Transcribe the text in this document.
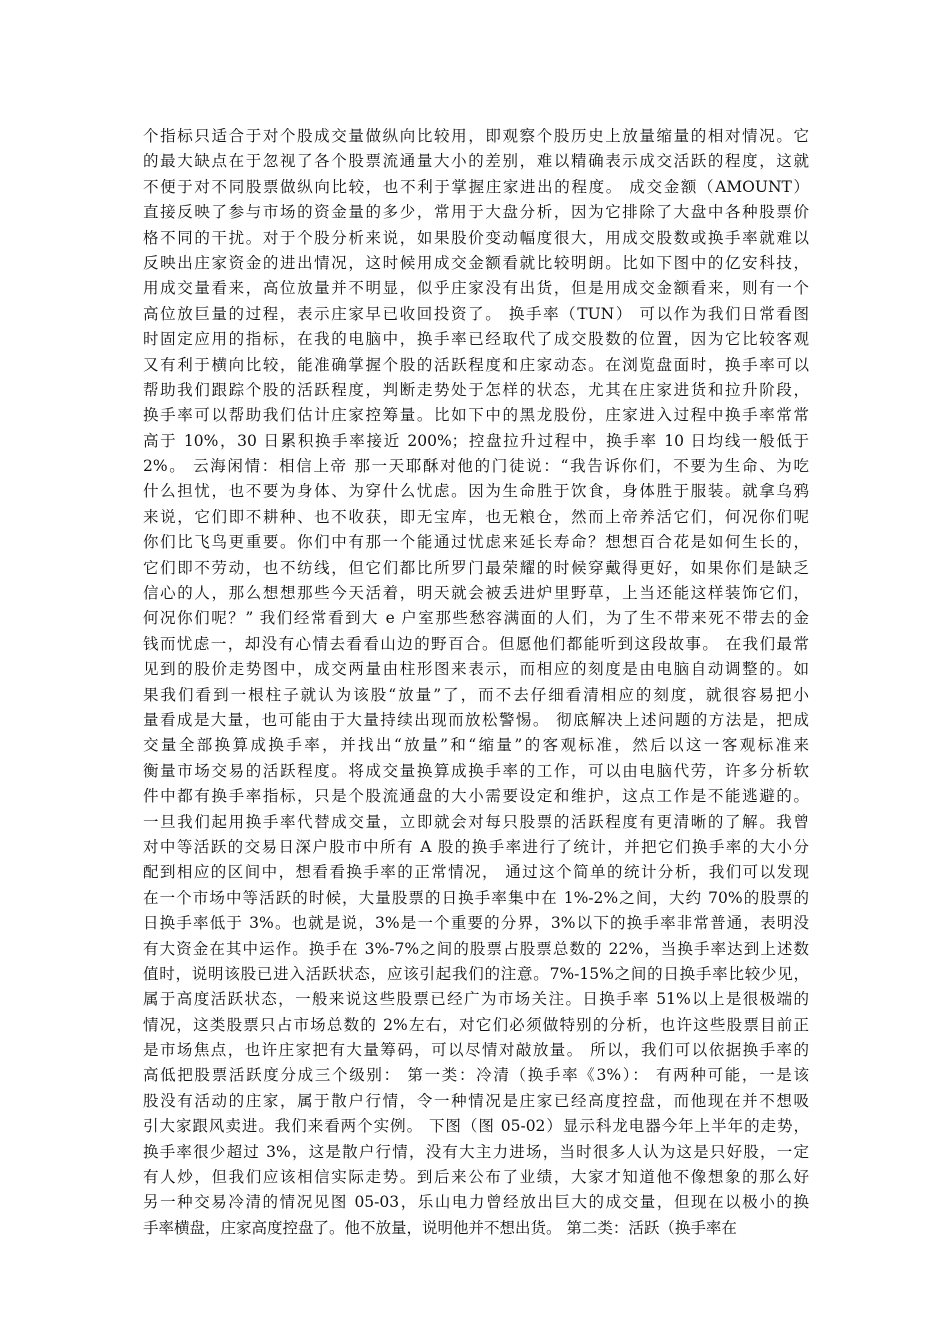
个指标只适合于对个股成交量做纵向比较用，即观察个股历史上放量缩量的相对情况。它
的最大缺点在于忽视了各个股票流通量大小的差别，难以精确表示成交活跃的程度，这就
不便于对不同股票做纵向比较，也不利于掌握庄家进出的程度。 成交金额（AMOUNT）
直接反映了参与市场的资金量的多少，常用于大盘分析，因为它排除了大盘中各种股票价
格不同的干扰。对于个股分析来说，如果股价变动幅度很大，用成交股数或换手率就难以
反映出庄家资金的进出情况，这时候用成交金额看就比较明朗。比如下图中的亿安科技，
用成交量看来，高位放量并不明显，似乎庄家没有出货，但是用成交金额看来，则有一个
高位放巨量的过程，表示庄家早已收回投资了。 换手率（TUN） 可以作为我们日常看图
时固定应用的指标，在我的电脑中，换手率已经取代了成交股数的位置，因为它比较客观
又有利于横向比较，能准确掌握个股的活跃程度和庄家动态。在浏览盘面时，换手率可以
帮助我们跟踪个股的活跃程度，判断走势处于怎样的状态，尤其在庄家进货和拉升阶段，
换手率可以帮助我们估计庄家控筹量。比如下中的黑龙股份，庄家进入过程中换手率常常
高于 10%，30 日累积换手率接近 200%；控盘拉升过程中，换手率 10 日均线一般低于
2%。 云海闲情：相信上帝 那一天耶酥对他的门徒说：“我告诉你们，不要为生命、为吃
什么担忧，也不要为身体、为穿什么忧虑。因为生命胜于饮食，身体胜于服装。就拿乌鸦
来说，它们即不耕种、也不收获，即无宝库，也无粮仓，然而上帝养活它们，何况你们呢
你们比飞鸟更重要。你们中有那一个能通过忧虑来延长寿命？想想百合花是如何生长的，
它们即不劳动，也不纺线，但它们都比所罗门最荣耀的时候穿戴得更好，如果你们是缺乏
信心的人，那么想想那些今天活着，明天就会被丢进炉里野草，上当还能这样装饰它们，
何况你们呢？” 我们经常看到大 e 户室那些愁容满面的人们，为了生不带来死不带去的金
钱而忧虑一，却没有心情去看看山边的野百合。但愿他们都能听到这段故事。 在我们最常
见到的股价走势图中，成交两量由柱形图来表示，而相应的刻度是由电脑自动调整的。如
果我们看到一根柱子就认为该股“放量”了，而不去仔细看清相应的刻度，就很容易把小
量看成是大量，也可能由于大量持续出现而放松警惕。 彻底解决上述问题的方法是，把成
交量全部换算成换手率，并找出“放量”和“缩量”的客观标准，然后以这一客观标准来
衡量市场交易的活跃程度。将成交量换算成换手率的工作，可以由电脑代劳，许多分析软
件中都有换手率指标，只是个股流通盘的大小需要设定和维护，这点工作是不能逃避的。
一旦我们起用换手率代替成交量，立即就会对每只股票的活跃程度有更清晰的了解。我曾
对中等活跃的交易日深户股市中所有 A 股的换手率进行了统计，并把它们换手率的大小分
配到相应的区间中，想看看换手率的正常情况， 通过这个简单的统计分析，我们可以发现
在一个市场中等活跃的时候，大量股票的日换手率集中在 1%-2%之间，大约 70%的股票的
日换手率低于 3%。也就是说，3%是一个重要的分界，3%以下的换手率非常普通，表明没
有大资金在其中运作。换手在 3%-7%之间的股票占股票总数的 22%，当换手率达到上述数
值时，说明该股已进入活跃状态，应该引起我们的注意。7%-15%之间的日换手率比较少见，
属于高度活跃状态，一般来说这些股票已经广为市场关注。日换手率 51%以上是很极端的
情况，这类股票只占市场总数的 2%左右，对它们必须做特别的分析，也许这些股票目前正
是市场焦点，也许庄家把有大量筹码，可以尽情对敲放量。 所以，我们可以依据换手率的
高低把股票活跃度分成三个级别： 第一类：冷清（换手率《3%）： 有两种可能，一是该
股没有活动的庄家，属于散户行情，令一种情况是庄家已经高度控盘，而他现在并不想吸
引大家跟风卖进。我们来看两个实例。 下图（图 05-02）显示科龙电器今年上半年的走势，
换手率很少超过 3%，这是散户行情，没有大主力进场，当时很多人认为这是只好股，一定
有人炒，但我们应该相信实际走势。到后来公布了业绩，大家才知道他不像想象的那么好
另一种交易冷清的情况见图 05-03，乐山电力曾经放出巨大的成交量，但现在以极小的换
手率横盘，庄家高度控盘了。他不放量，说明他并不想出货。 第二类：活跃（换手率在
